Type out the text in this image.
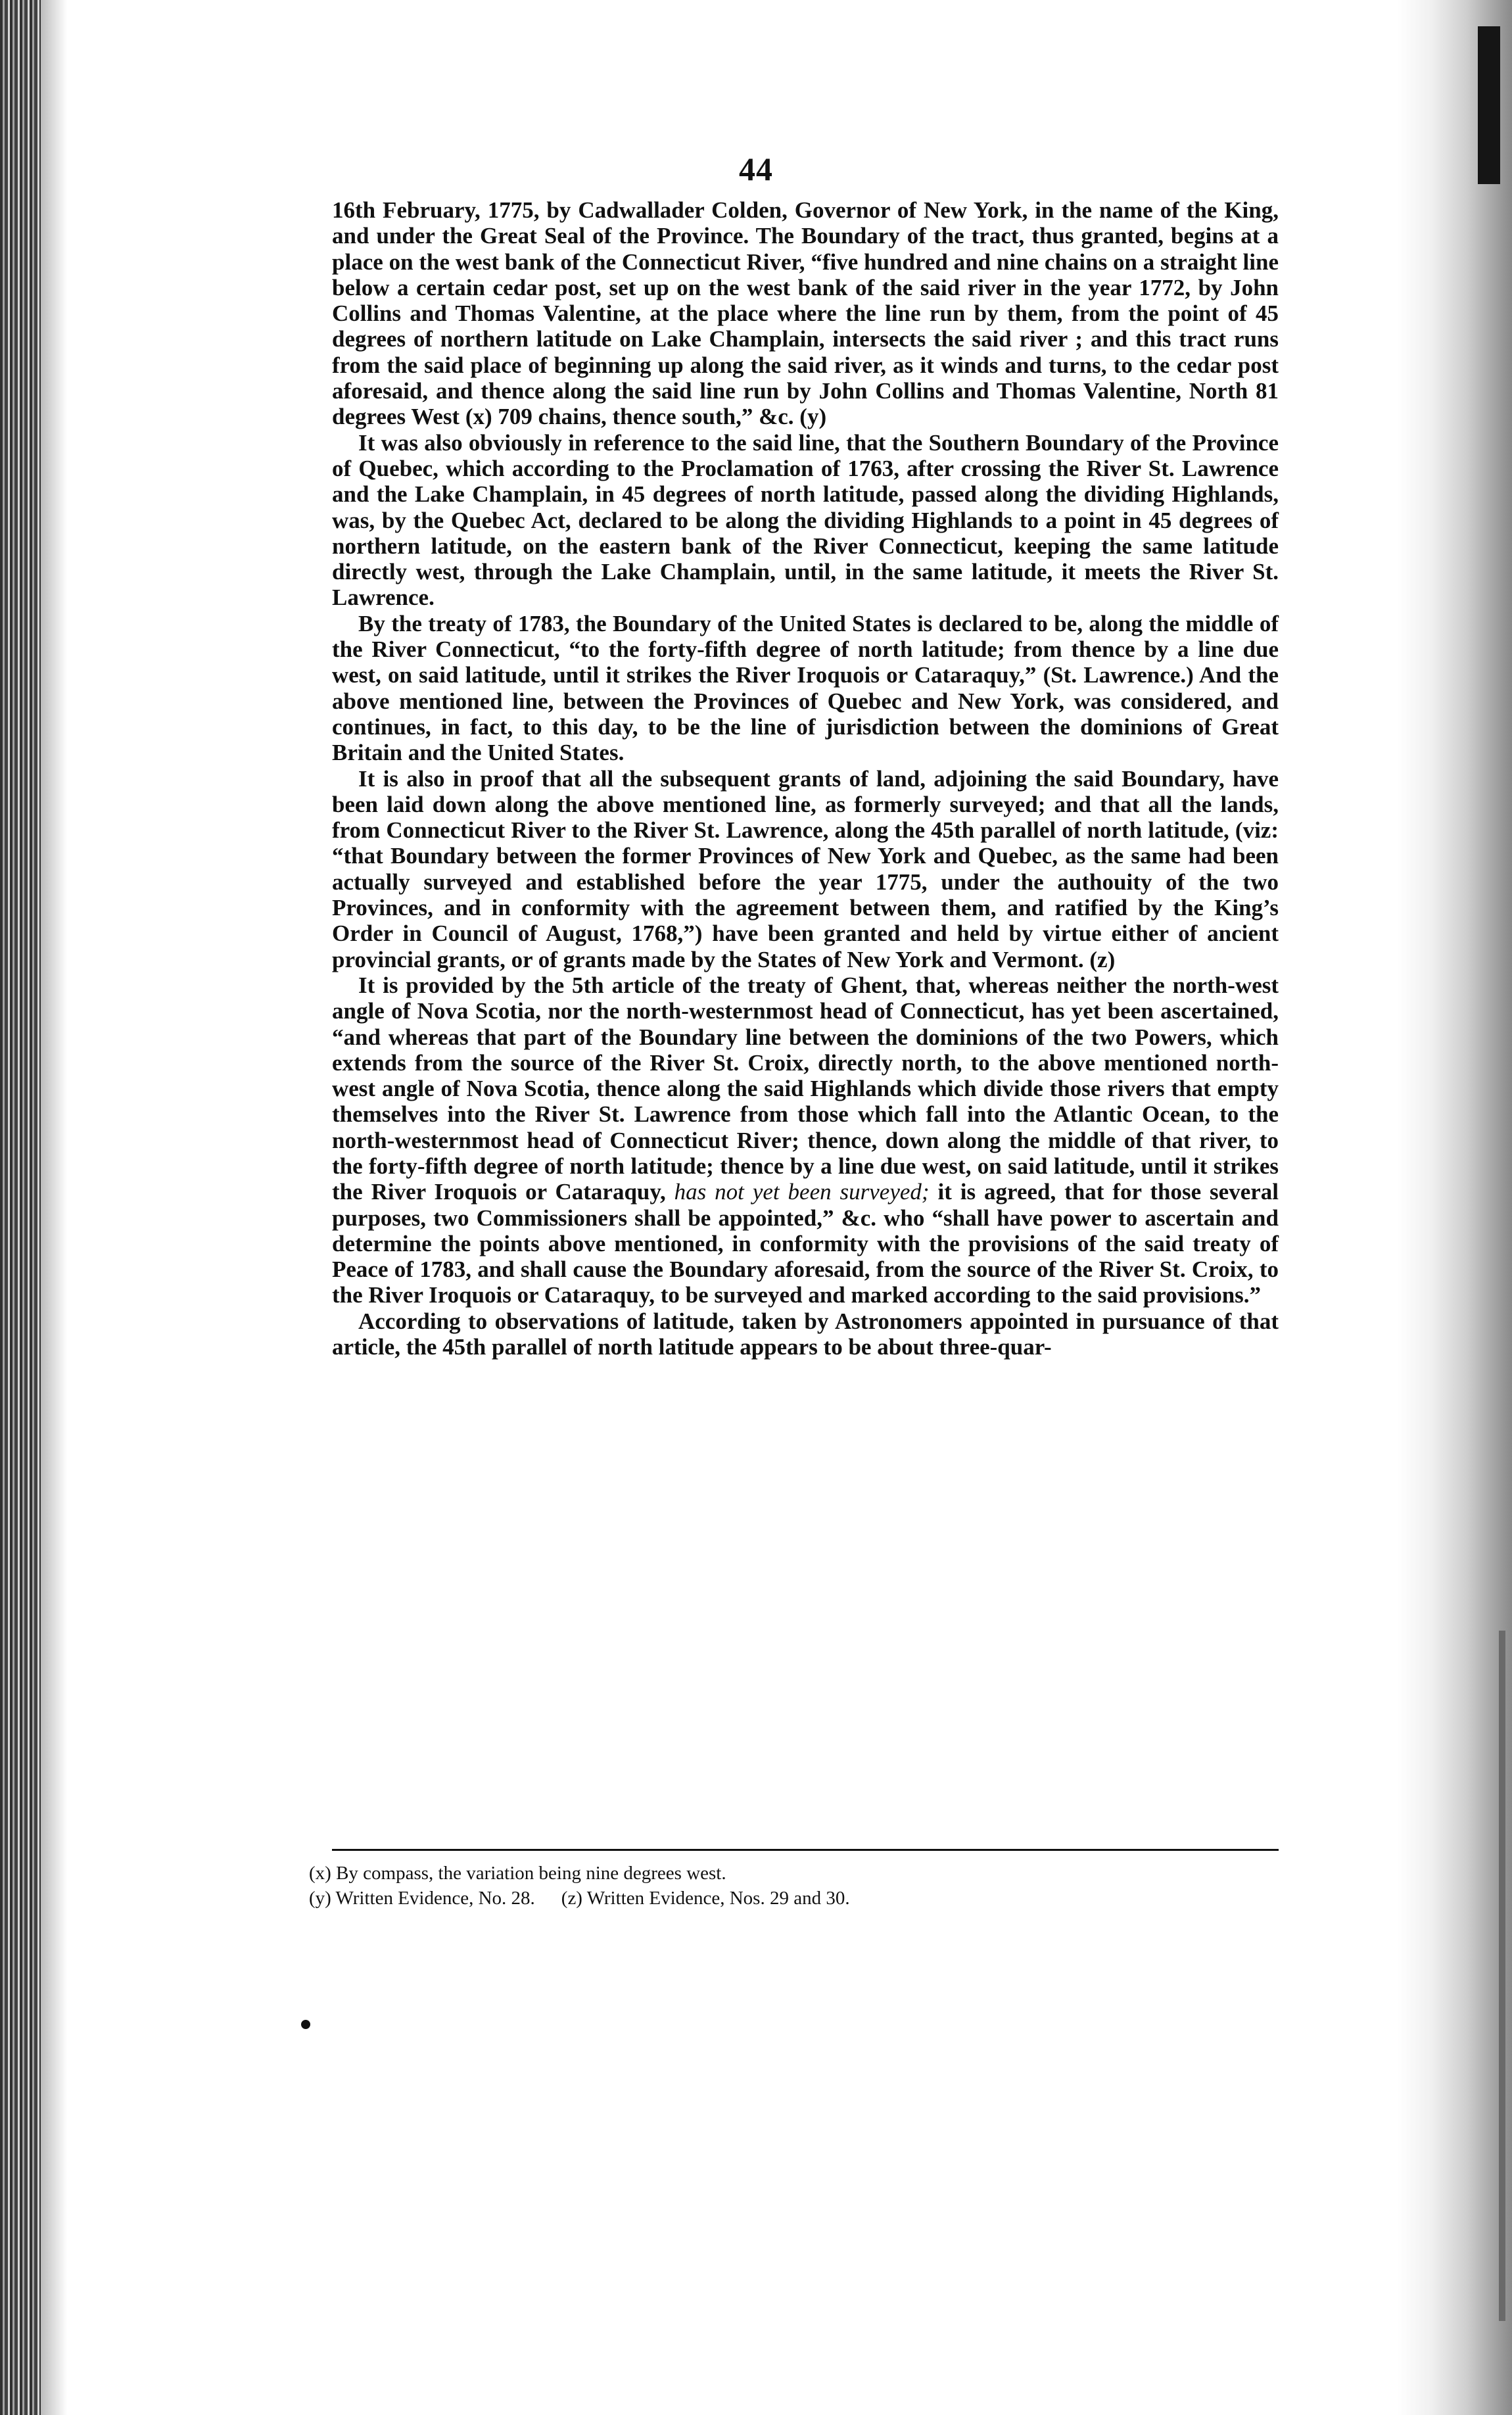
44

16th February, 1775, by Cadwallader Colden, Governor of New York, in the name of the King, and under the Great Seal of the Province. The Boundary of the tract, thus granted, begins at a place on the west bank of the Connecticut River, “five hundred and nine chains on a straight line below a certain cedar post, set up on the west bank of the said river in the year 1772, by John Collins and Thomas Valentine, at the place where the line run by them, from the point of 45 degrees of northern latitude on Lake Champlain, intersects the said river ; and this tract runs from the said place of beginning up along the said river, as it winds and turns, to the cedar post aforesaid, and thence along the said line run by John Collins and Thomas Valentine, North 81 degrees West (x) 709 chains, thence south,” &c. (y)

It was also obviously in reference to the said line, that the Southern Boundary of the Province of Quebec, which according to the Proclamation of 1763, after crossing the River St. Lawrence and the Lake Champlain, in 45 degrees of north latitude, passed along the dividing Highlands, was, by the Quebec Act, declared to be along the dividing Highlands to a point in 45 degrees of northern latitude, on the eastern bank of the River Connecticut, keeping the same latitude directly west, through the Lake Champlain, until, in the same latitude, it meets the River St. Lawrence.

By the treaty of 1783, the Boundary of the United States is declared to be, along the middle of the River Connecticut, “to the forty-fifth degree of north latitude; from thence by a line due west, on said latitude, until it strikes the River Iroquois or Cataraquy,” (St. Lawrence.) And the above mentioned line, between the Provinces of Quebec and New York, was considered, and continues, in fact, to this day, to be the line of jurisdiction between the dominions of Great Britain and the United States.

It is also in proof that all the subsequent grants of land, adjoining the said Boundary, have been laid down along the above mentioned line, as formerly surveyed; and that all the lands, from Connecticut River to the River St. Lawrence, along the 45th parallel of north latitude, (viz: “that Boundary between the former Provinces of New York and Quebec, as the same had been actually surveyed and established before the year 1775, under the authouity of the two Provinces, and in conformity with the agreement between them, and ratified by the King’s Order in Council of August, 1768,”) have been granted and held by virtue either of ancient provincial grants, or of grants made by the States of New York and Vermont. (z)

It is provided by the 5th article of the treaty of Ghent, that, whereas neither the north-west angle of Nova Scotia, nor the north-westernmost head of Connecticut, has yet been ascertained, “and whereas that part of the Boundary line between the dominions of the two Powers, which extends from the source of the River St. Croix, directly north, to the above mentioned north-west angle of Nova Scotia, thence along the said Highlands which divide those rivers that empty themselves into the River St. Lawrence from those which fall into the Atlantic Ocean, to the north-westernmost head of Connecticut River; thence, down along the middle of that river, to the forty-fifth degree of north latitude; thence by a line due west, on said latitude, until it strikes the River Iroquois or Cataraquy, has not yet been surveyed; it is agreed, that for those several purposes, two Commissioners shall be appointed,” &c. who “shall have power to ascertain and determine the points above mentioned, in conformity with the provisions of the said treaty of Peace of 1783, and shall cause the Boundary aforesaid, from the source of the River St. Croix, to the River Iroquois or Cataraquy, to be surveyed and marked according to the said provisions.”

According to observations of latitude, taken by Astronomers appointed in pursuance of that article, the 45th parallel of north latitude appears to be about three-quar-

(x) By compass, the variation being nine degrees west.
(y) Written Evidence, No. 28. (z) Written Evidence, Nos. 29 and 30.
